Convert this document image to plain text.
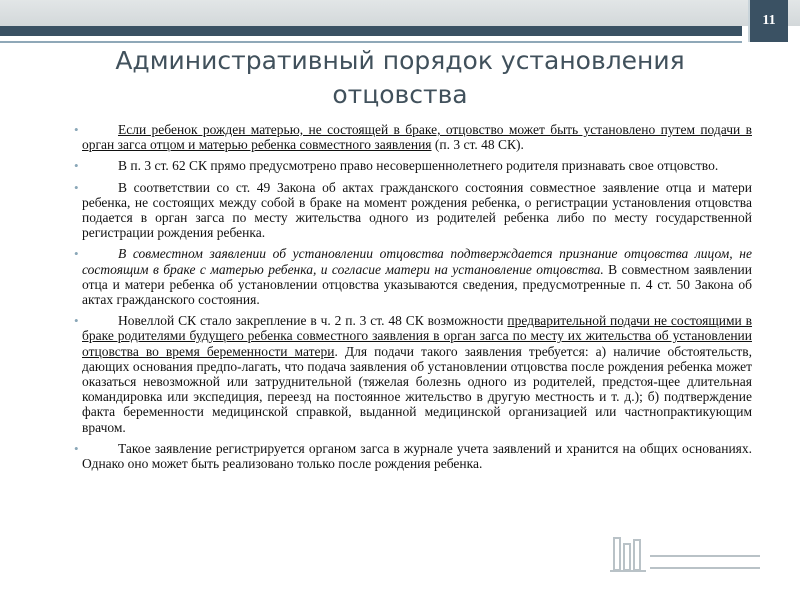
11
Административный порядок установления отцовства

•	Если ребенок рожден матерью, не состоящей в браке, отцовство может быть установлено путем подачи в орган загса отцом и матерью ребенка совместного заявления (п. 3 ст. 48 СК).

•	В п. 3 ст. 62 СК прямо предусмотрено право несовершеннолетнего родителя признавать свое отцовство.

•	В соответствии со ст. 49 Закона об актах гражданского состояния совместное заявление отца и матери ребенка, не состоящих между собой в браке на момент рождения ребенка, о регистрации установления отцовства подается в орган загса по месту жительства одного из родителей ребенка либо по месту государственной регистрации рождения ребенка.

•	В совместном заявлении об установлении отцовства подтверждается признание отцовства лицом, не состоящим в браке с матерью ребенка, и согласие матери на установление отцовства. В совместном заявлении отца и матери ребенка об установлении отцовства указываются сведения, предусмотренные п. 4 ст. 50 Закона об актах гражданского состояния.

•	Новеллой СК стало закрепление в ч. 2 п. 3 ст. 48 СК возможности предварительной подачи не состоящими в браке родителями будущего ребенка совместного заявления в орган загса по месту их жительства об установлении отцовства во время беременности матери. Для подачи такого заявления требуется: а) наличие обстоятельств, дающих основания предпо-лагать, что подача заявления об установлении отцовства после рождения ребенка может оказаться невозможной или затруднительной (тяжелая болезнь одного из родителей, предстоя-щее длительная командировка или экспедиция, переезд на постоянное жительство в другую местность и т. д.); б) подтверждение факта беременности медицинской справкой, выданной медицинской организацией или частнопрактикующим врачом.

•	Такое заявление регистрируется органом загса в журнале учета заявлений и хранится на общих основаниях. Однако оно может быть реализовано только после рождения ребенка.
